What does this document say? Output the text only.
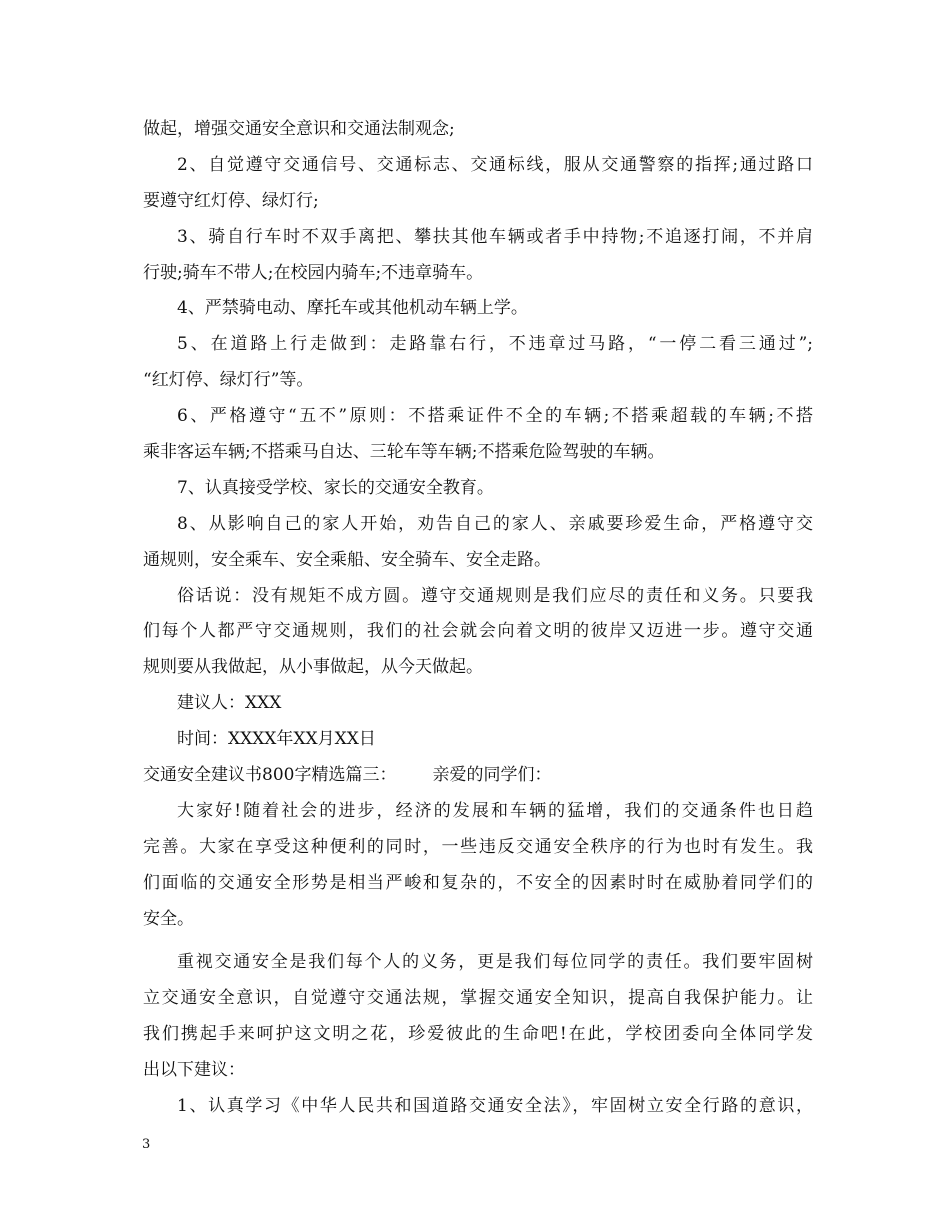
做起，增强交通安全意识和交通法制观念;
2、自觉遵守交通信号、交通标志、交通标线，服从交通警察的指挥;通过路口
要遵守红灯停、绿灯行;
3、骑自行车时不双手离把、攀扶其他车辆或者手中持物;不追逐打闹，不并肩
行驶;骑车不带人;在校园内骑车;不违章骑车。
4、严禁骑电动、摩托车或其他机动车辆上学。
5、在道路上行走做到：走路靠右行，不违章过马路，“一停二看三通过”;
“红灯停、绿灯行”等。
6、严格遵守“五不”原则：不搭乘证件不全的车辆;不搭乘超载的车辆;不搭
乘非客运车辆;不搭乘马自达、三轮车等车辆;不搭乘危险驾驶的车辆。
7、认真接受学校、家长的交通安全教育。
8、从影响自己的家人开始，劝告自己的家人、亲戚要珍爱生命，严格遵守交
通规则，安全乘车、安全乘船、安全骑车、安全走路。
俗话说：没有规矩不成方圆。遵守交通规则是我们应尽的责任和义务。只要我
们每个人都严守交通规则，我们的社会就会向着文明的彼岸又迈进一步。遵守交通
规则要从我做起，从小事做起，从今天做起。
建议人：XXX
时间：XXXX年XX月XX日
交通安全建议书800字精选篇三： 亲爱的同学们：
大家好!随着社会的进步，经济的发展和车辆的猛增，我们的交通条件也日趋
完善。大家在享受这种便利的同时，一些违反交通安全秩序的行为也时有发生。我
们面临的交通安全形势是相当严峻和复杂的，不安全的因素时时在威胁着同学们的
安全。
重视交通安全是我们每个人的义务，更是我们每位同学的责任。我们要牢固树
立交通安全意识，自觉遵守交通法规，掌握交通安全知识，提高自我保护能力。让
我们携起手来呵护这文明之花，珍爱彼此的生命吧!在此，学校团委向全体同学发
出以下建议：
1、认真学习《中华人民共和国道路交通安全法》，牢固树立安全行路的意识，
3
